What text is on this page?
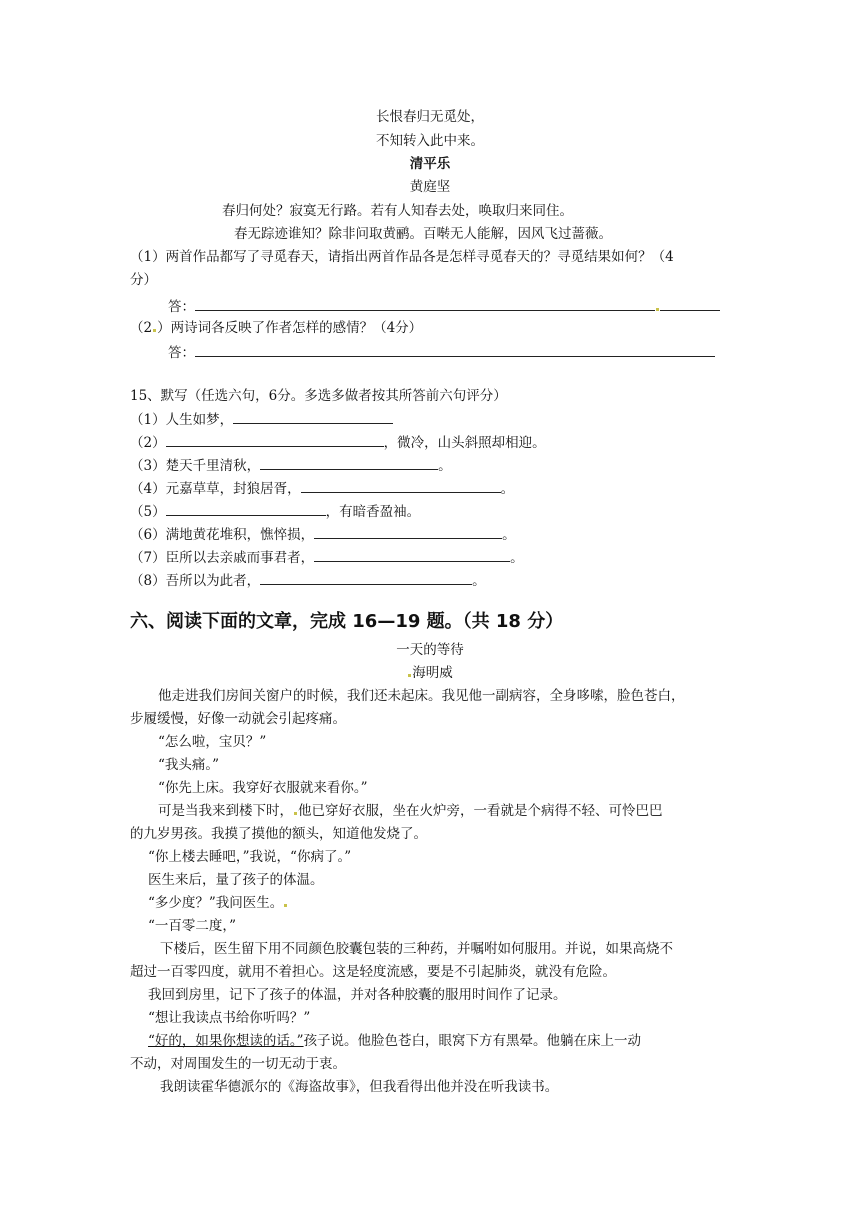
长恨春归无觅处，
不知转入此中来。
清平乐
黄庭坚
春归何处？寂寞无行路。若有人知春去处，唤取归来同住。
春无踪迹谁知？除非问取黄鹂。百啭无人能解，因风飞过蔷薇。
（1）两首作品都写了寻觅春天，请指出两首作品各是怎样寻觅春天的？寻觅结果如何？（4
分）
答：
（2 ）两诗词各反映了作者怎样的感情？（4分）
答：
15、默写（任选六句，6分。多选多做者按其所答前六句评分）
（1）人生如梦，
（2）	，微冷，山头斜照却相迎。
（3）楚天千里清秋，	。
（4）元嘉草草，封狼居胥，	。
（5）	，有暗香盈袖。
（6）满地黄花堆积，憔悴损，	。
（7）臣所以去亲戚而事君者，	。
（8）吾所以为此者，	。
六、阅读下面的文章，完成 16—19 题。（共 18 分）
一天的等待
海明威
他走进我们房间关窗户的时候，我们还未起床。我见他一副病容，全身哆嗦，脸色苍白，
步履缓慢，好像一动就会引起疼痛。
“怎么啦，宝贝？”
“我头痛。”
“你先上床。我穿好衣服就来看你。”
可是当我来到楼下时， 他已穿好衣服，坐在火炉旁，一看就是个病得不轻、可怜巴巴
的九岁男孩。我摸了摸他的额头，知道他发烧了。
“你上楼去睡吧，”我说，“你病了。”
医生来后，量了孩子的体温。
“多少度？”我问医生。
“一百零二度，”
下楼后，医生留下用不同颜色胶囊包装的三种药，并嘱咐如何服用。并说，如果高烧不
超过一百零四度，就用不着担心。这是轻度流感，要是不引起肺炎，就没有危险。
我回到房里，记下了孩子的体温，并对各种胶囊的服用时间作了记录。
“想让我读点书给你听吗？”
“好的，如果你想读的话。”孩子说。他脸色苍白，眼窝下方有黑晕。他躺在床上一动
不动，对周围发生的一切无动于衷。
我朗读霍华德派尔的《海盗故事》，但我看得出他并没在听我读书。
